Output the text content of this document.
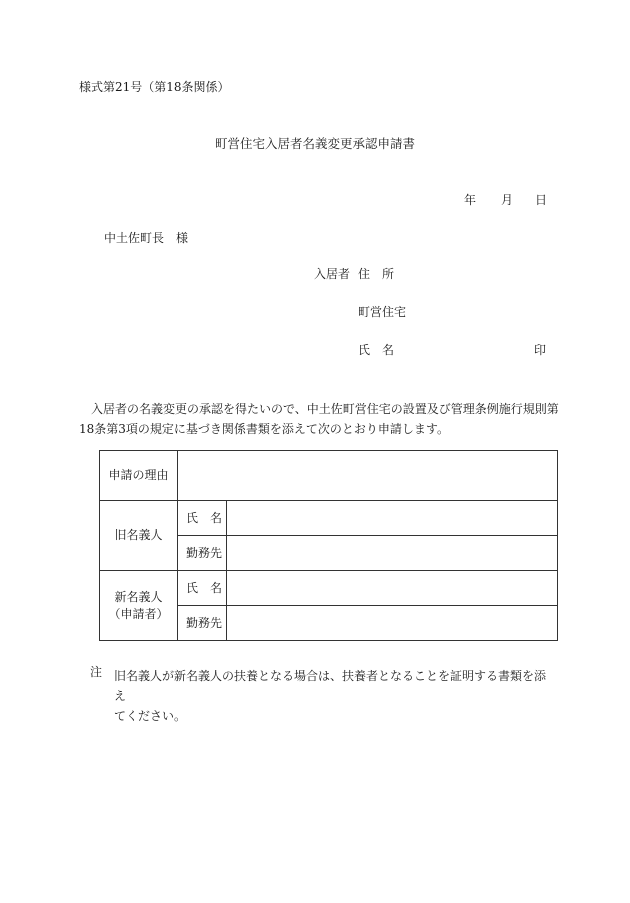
様式第21号（第18条関係）
町営住宅入居者名義変更承認申請書
年 月 日
中土佐町長　様
入居者 住　所
町営住宅
氏　名	印
入居者の名義変更の承認を得たいので、中土佐町営住宅の設置及び管理条例施行規則第
18条第3項の規定に基づき関係書類を添えて次のとおり申請します。
申請の理由		
旧名義人	氏　名	
	勤務先	

新名義人
（申請者）	氏　名	
	勤務先	
注 旧名義人が新名義人の扶養となる場合は、扶養者となることを証明する書類を添え
てください。
